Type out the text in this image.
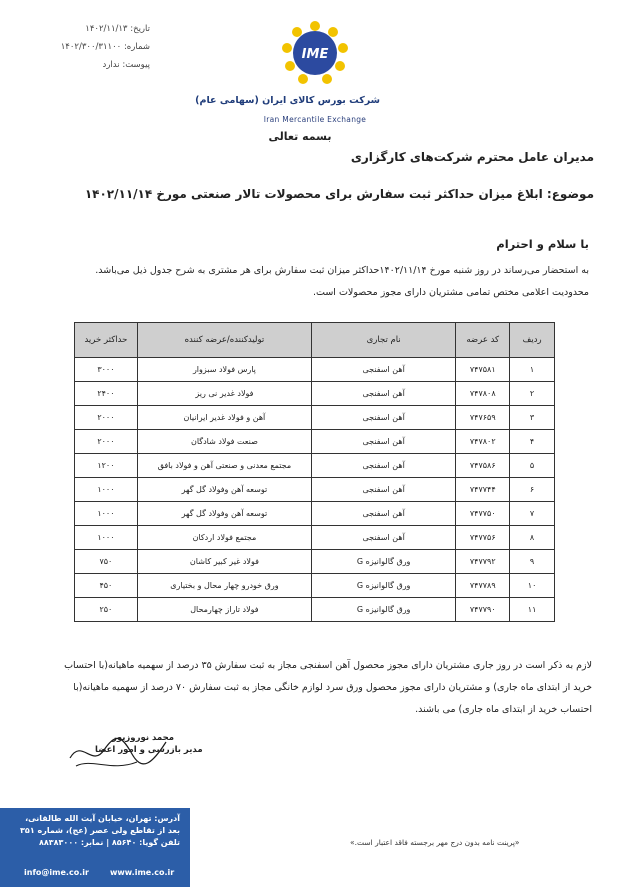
تاریخ: ۱۴۰۲/۱۱/۱۳
شماره: ۱۴۰۲/۳۰۰/۳۱۱۰۰
پیوست: ندارد
IME
شرکت بورس کالای ایران (سهامی عام)
Iran Mercantile Exchange
بسمه تعالی
مدیران عامل محترم شرکت‌های کارگزاری
موضوع: ابلاغ میزان حداکثر ثبت سفارش برای محصولات تالار صنعتی مورخ ۱۴۰۲/۱۱/۱۴
با سلام و احترام
به استحضار می‌رساند در روز شنبه مورخ ۱۴۰۲/۱۱/۱۴حداکثر میزان ثبت سفارش برای هر مشتری به شرح جدول ذیل می‌باشد.
محدودیت اعلامی مختص تمامی مشتریان دارای مجوز محصولات است.
ردیف	کد عرضه	نام تجاری	تولیدکننده/عرضه کننده	حداکثر خرید
۱	۷۴۷۵۸۱	آهن اسفنجی	پارس فولاد سبزوار	۳۰۰۰
۲	۷۴۷۸۰۸	آهن اسفنجی	فولاد غدیر نی ریز	۲۴۰۰
۳	۷۴۷۶۵۹	آهن اسفنجی	آهن و فولاد غدیر ایرانیان	۲۰۰۰
۴	۷۴۷۸۰۲	آهن اسفنجی	صنعت فولاد شادگان	۲۰۰۰
۵	۷۴۷۵۸۶	آهن اسفنجی	مجتمع معدنی و صنعتی آهن و فولاد بافق	۱۲۰۰
۶	۷۴۷۷۴۴	آهن اسفنجی	توسعه آهن وفولاد گل گهر	۱۰۰۰
۷	۷۴۷۷۵۰	آهن اسفنجی	توسعه آهن وفولاد گل گهر	۱۰۰۰
۸	۷۴۷۷۵۶	آهن اسفنجی	مجتمع فولاد اردکان	۱۰۰۰
۹	۷۴۷۷۹۲	ورق گالوانیزه G	فولاد غیر کبیر کاشان	۷۵۰
۱۰	۷۴۷۷۸۹	ورق گالوانیزه G	ورق خودرو چهار محال و بختیاری	۴۵۰
۱۱	۷۴۷۷۹۰	ورق گالوانیزه G	فولاد تاراز چهارمحال	۲۵۰
لازم به ذکر است در روز جاری مشتریان دارای مجوز محصول آهن اسفنجی مجاز به ثبت سفارش ۳۵ درصد از سهمیه ماهیانه(با احتساب
خرید از ابتدای ماه جاری) و مشتریان دارای مجوز محصول ورق سرد لوازم خانگی مجاز به ثبت سفارش ۷۰ درصد از سهمیه ماهیانه(با
احتساب خرید از ابتدای ماه جاری) می باشند.
محمد نوروزپور
مدیر بازرسی و امور اعضا
آدرس: تهران، خیابان آیت الله طالقانی،
بعد از تقاطع ولی عصر (عج)، شماره ۳۵۱
تلفن گویا: ۸۵۶۴۰ | نمابر: ۸۸۳۸۳۰۰۰
info@ime.co.ir	www.ime.co.ir
«پرینت نامه بدون درج مهر برجسته فاقد اعتبار است.»
